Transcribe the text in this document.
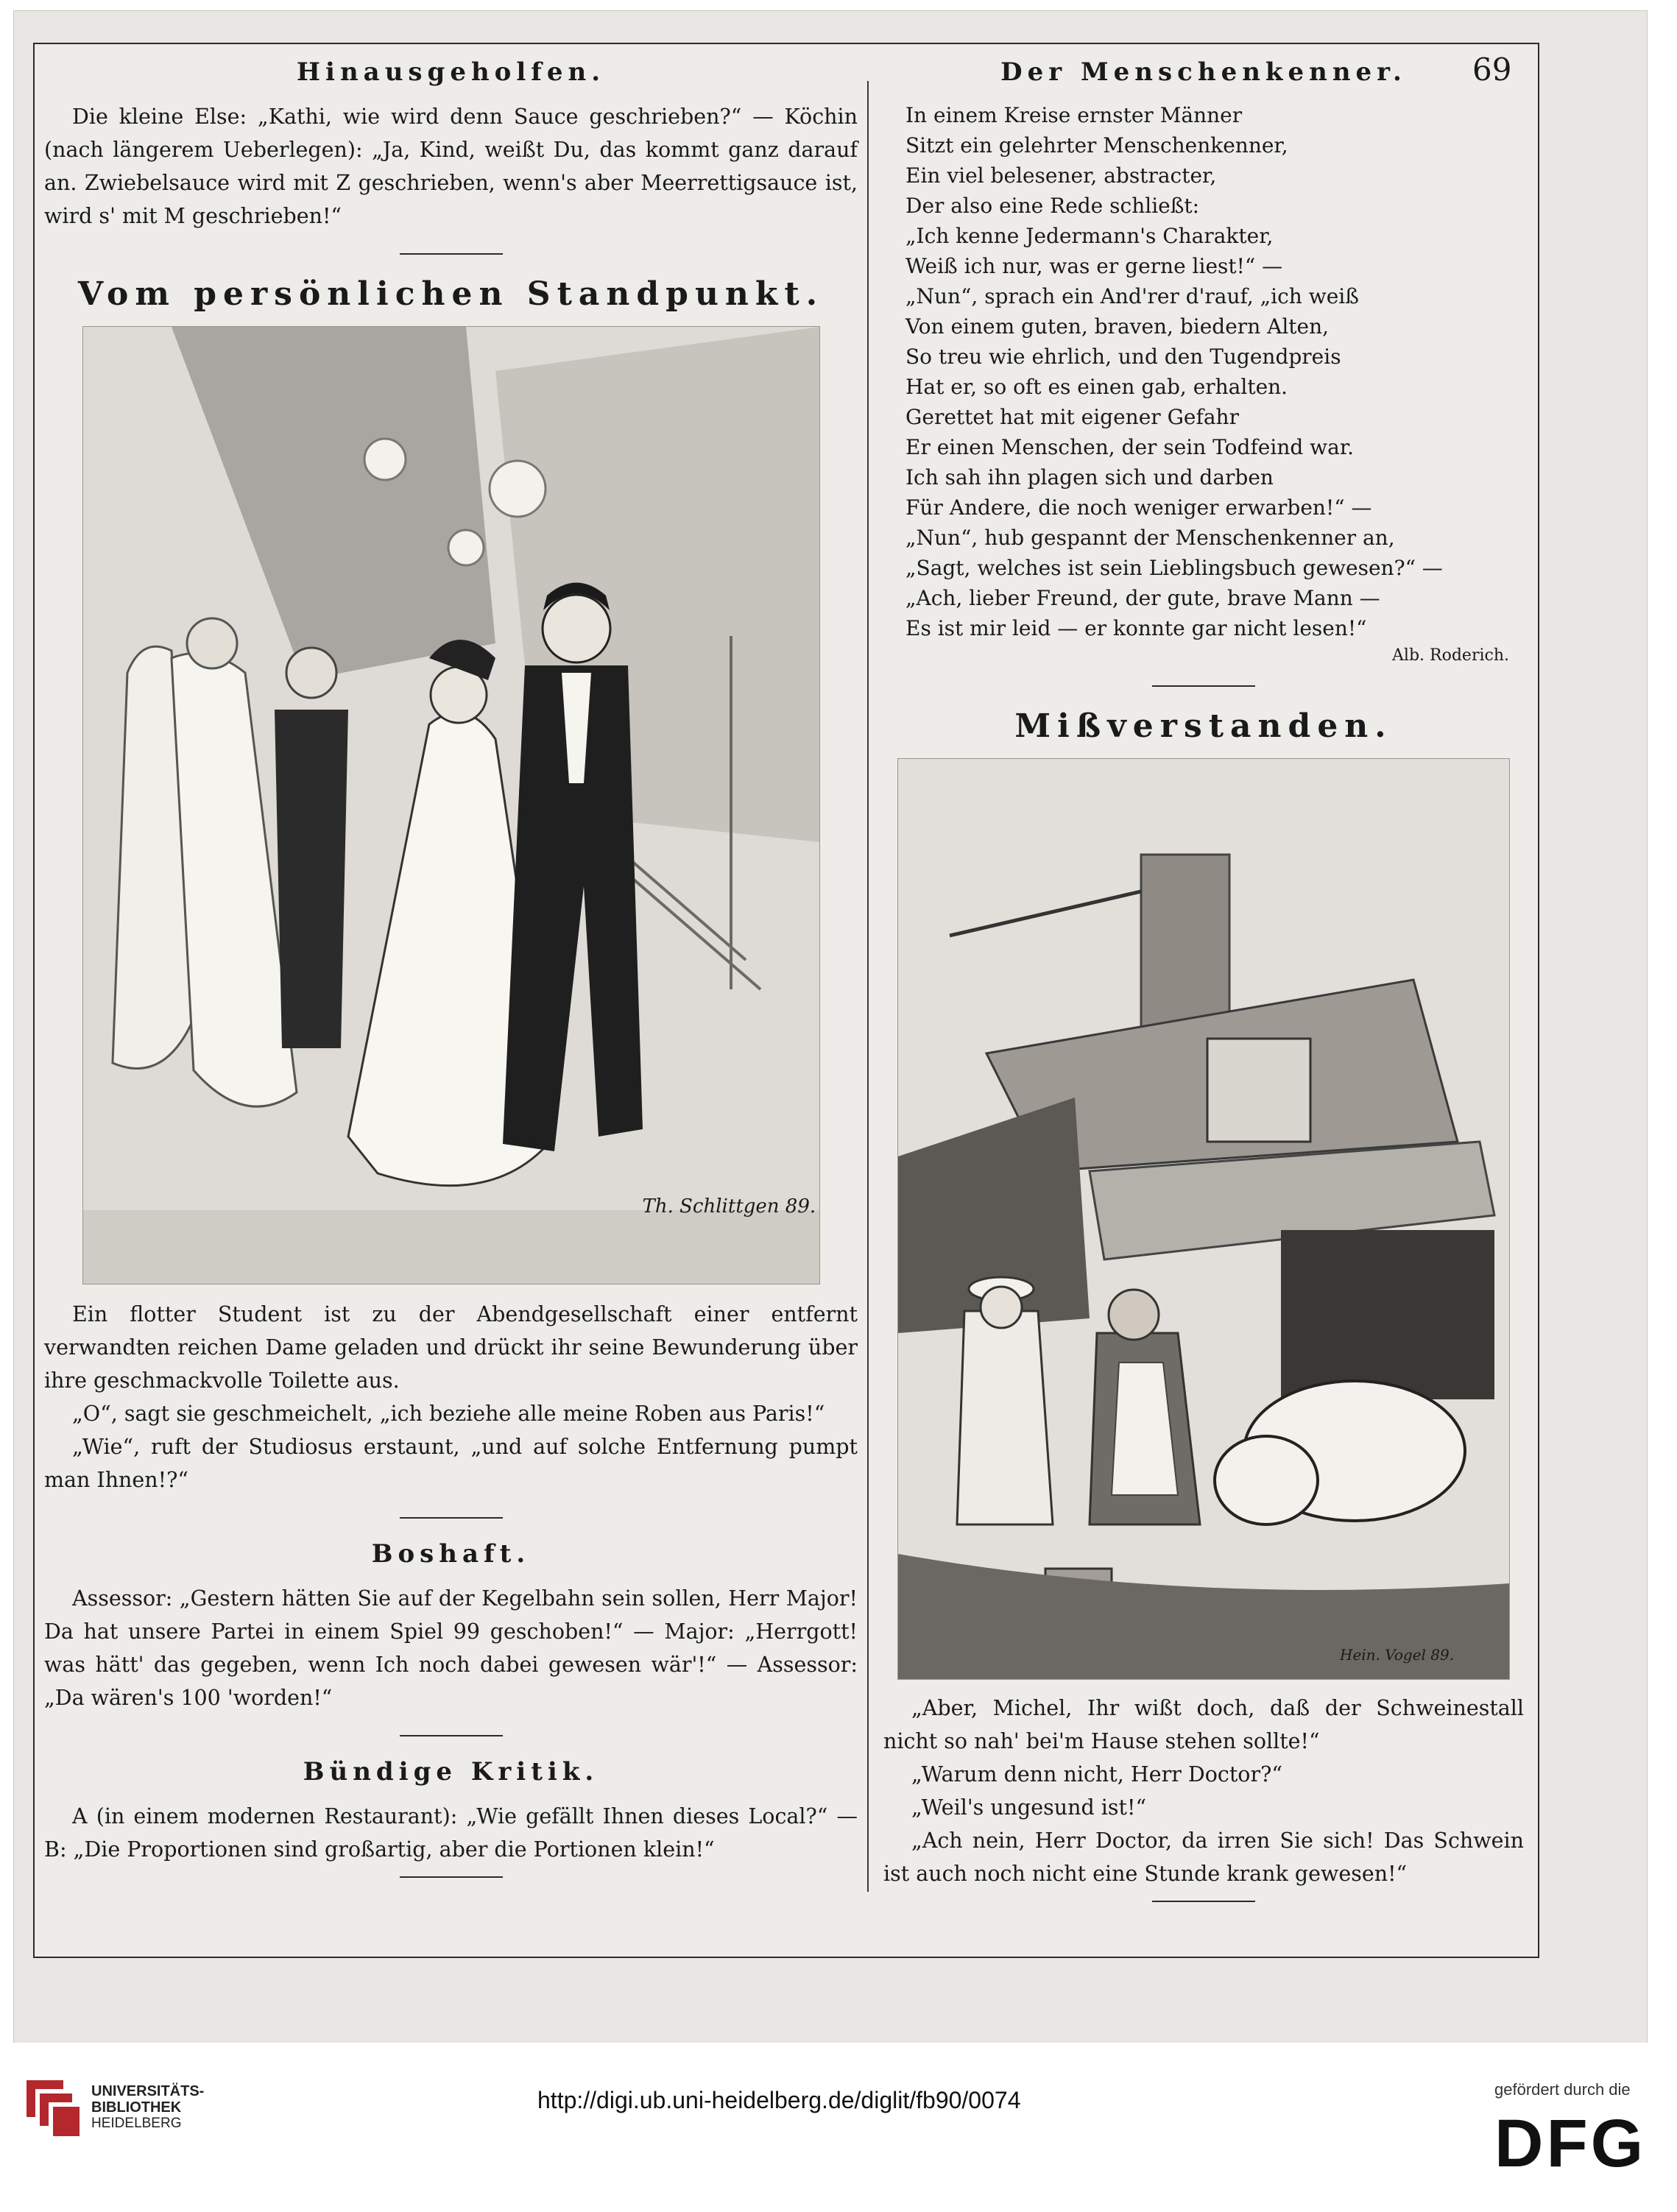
69
Hinausgeholfen.

Die kleine Else: „Kathi, wie wird denn Sauce geschrieben?“ — Köchin (nach längerem Ueberlegen): „Ja, Kind, weißt Du, das kommt ganz darauf an. Zwiebelsauce wird mit Z geschrieben, wenn's aber Meerrettigsauce ist, wird s' mit M geschrieben!“

Vom persönlichen Standpunkt.
Th. Schlittgen 89.

Ein flotter Student ist zu der Abendgesellschaft einer entfernt verwandten reichen Dame geladen und drückt ihr seine Bewunderung über ihre geschmackvolle Toilette aus.

„O“, sagt sie geschmeichelt, „ich beziehe alle meine Roben aus Paris!“

„Wie“, ruft der Studiosus erstaunt, „und auf solche Entfernung pumpt man Ihnen!?“

Boshaft.

Assessor: „Gestern hätten Sie auf der Kegelbahn sein sollen, Herr Major! Da hat unsere Partei in einem Spiel 99 geschoben!“ — Major: „Herrgott! was hätt' das gegeben, wenn Ich noch dabei gewesen wär'!“ — Assessor: „Da wären's 100 'worden!“

Bündige Kritik.

A (in einem modernen Restaurant): „Wie gefällt Ihnen dieses Local?“ — B: „Die Proportionen sind großartig, aber die Portionen klein!“

Der Menschenkenner.
In einem Kreise ernster Männer
Sitzt ein gelehrter Menschenkenner,
Ein viel belesener, abstracter,
Der also eine Rede schließt:
„Ich kenne Jedermann's Charakter,
Weiß ich nur, was er gerne liest!“ —
„Nun“, sprach ein And'rer d'rauf, „ich weiß
Von einem guten, braven, biedern Alten,
So treu wie ehrlich, und den Tugendpreis
Hat er, so oft es einen gab, erhalten.
Gerettet hat mit eigener Gefahr
Er einen Menschen, der sein Todfeind war.
Ich sah ihn plagen sich und darben
Für Andere, die noch weniger erwarben!“ —
„Nun“, hub gespannt der Menschenkenner an,
„Sagt, welches ist sein Lieblingsbuch gewesen?“ —
„Ach, lieber Freund, der gute, brave Mann —
Es ist mir leid — er konnte gar nicht lesen!“
Alb. Roderich.
Mißverstanden.
Hein. Vogel 89.

„Aber, Michel, Ihr wißt doch, daß der Schweinestall nicht so nah' bei'm Hause stehen sollte!“

„Warum denn nicht, Herr Doctor?“

„Weil's ungesund ist!“

„Ach nein, Herr Doctor, da irren Sie sich! Das Schwein ist auch noch nicht eine Stunde krank gewesen!“

UNIVERSITÄTS-
BIBLIOTHEK
HEIDELBERG
http://digi.ub.uni-heidelberg.de/diglit/fb90/0074	gefördert durch die
DFG
